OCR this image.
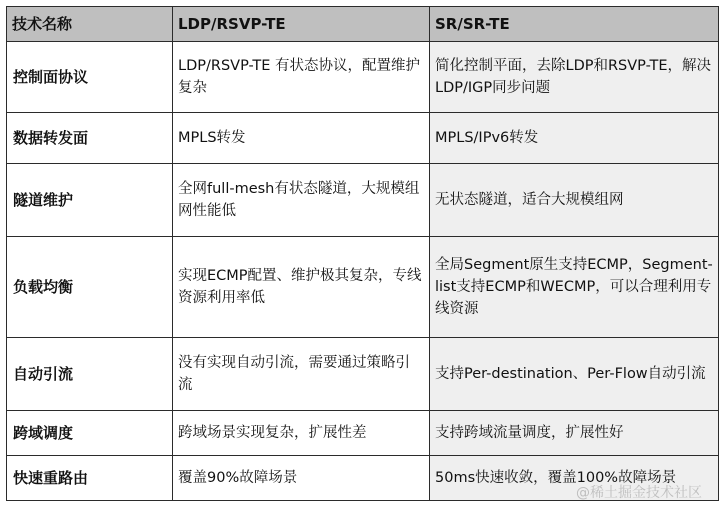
技术名称	LDP/RSVP-TE	SR/SR-TE
控制面协议	LDP/RSVP-TE 有状态协议，配置维护复杂	简化控制平面，去除LDP和RSVP-TE，解决LDP/IGP同步问题
数据转发面	MPLS转发	MPLS/IPv6转发
隧道维护	全网full-mesh有状态隧道，大规模组网性能低	无状态隧道，适合大规模组网
负载均衡	实现ECMP配置、维护极其复杂，专线资源利用率低	全局Segment原生支持ECMP，Segment-list支持ECMP和WECMP，可以合理利用专线资源
自动引流	没有实现自动引流，需要通过策略引流	支持Per-destination、Per-Flow自动引流
跨域调度	跨域场景实现复杂，扩展性差	支持跨域流量调度，扩展性好
快速重路由	覆盖90%故障场景	50ms快速收敛，覆盖100%故障场景
@稀土掘金技术社区
